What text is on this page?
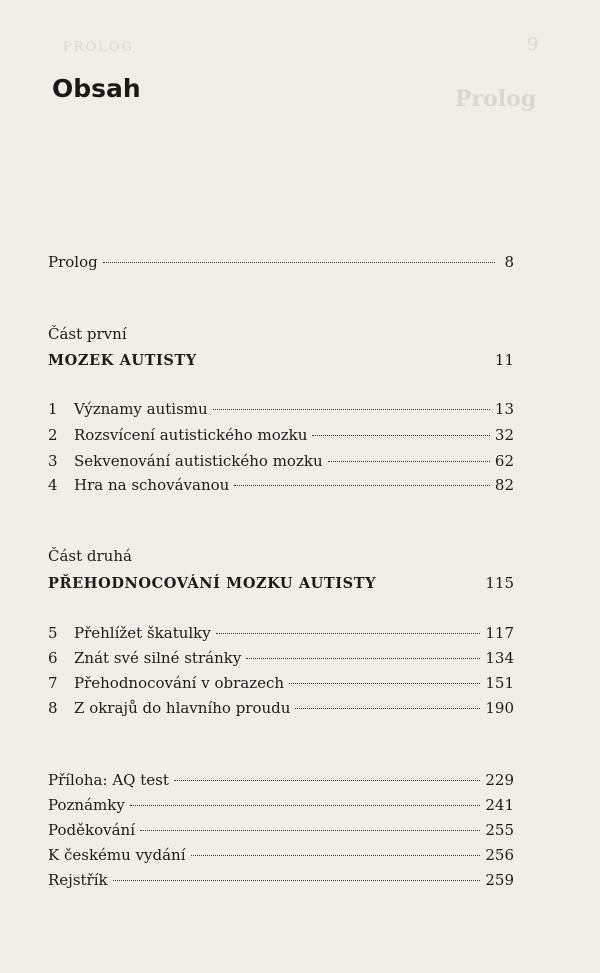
PROLOG	9
Prolog
Obsah
Prolog	8
Část první
MOZEK AUTISTY	11
1	Významy autismu	13
2	Rozsvícení autistického mozku	32
3	Sekvenování autistického mozku	62
4	Hra na schovávanou	82
Část druhá
PŘEHODNOCOVÁNÍ MOZKU AUTISTY	115
5	Přehlížet škatulky	117
6	Znát své silné stránky	134
7	Přehodnocování v obrazech	151
8	Z okrajů do hlavního proudu	190
Příloha: AQ test	229
Poznámky	241
Poděkování	255
K českému vydání	256
Rejstřík	259
